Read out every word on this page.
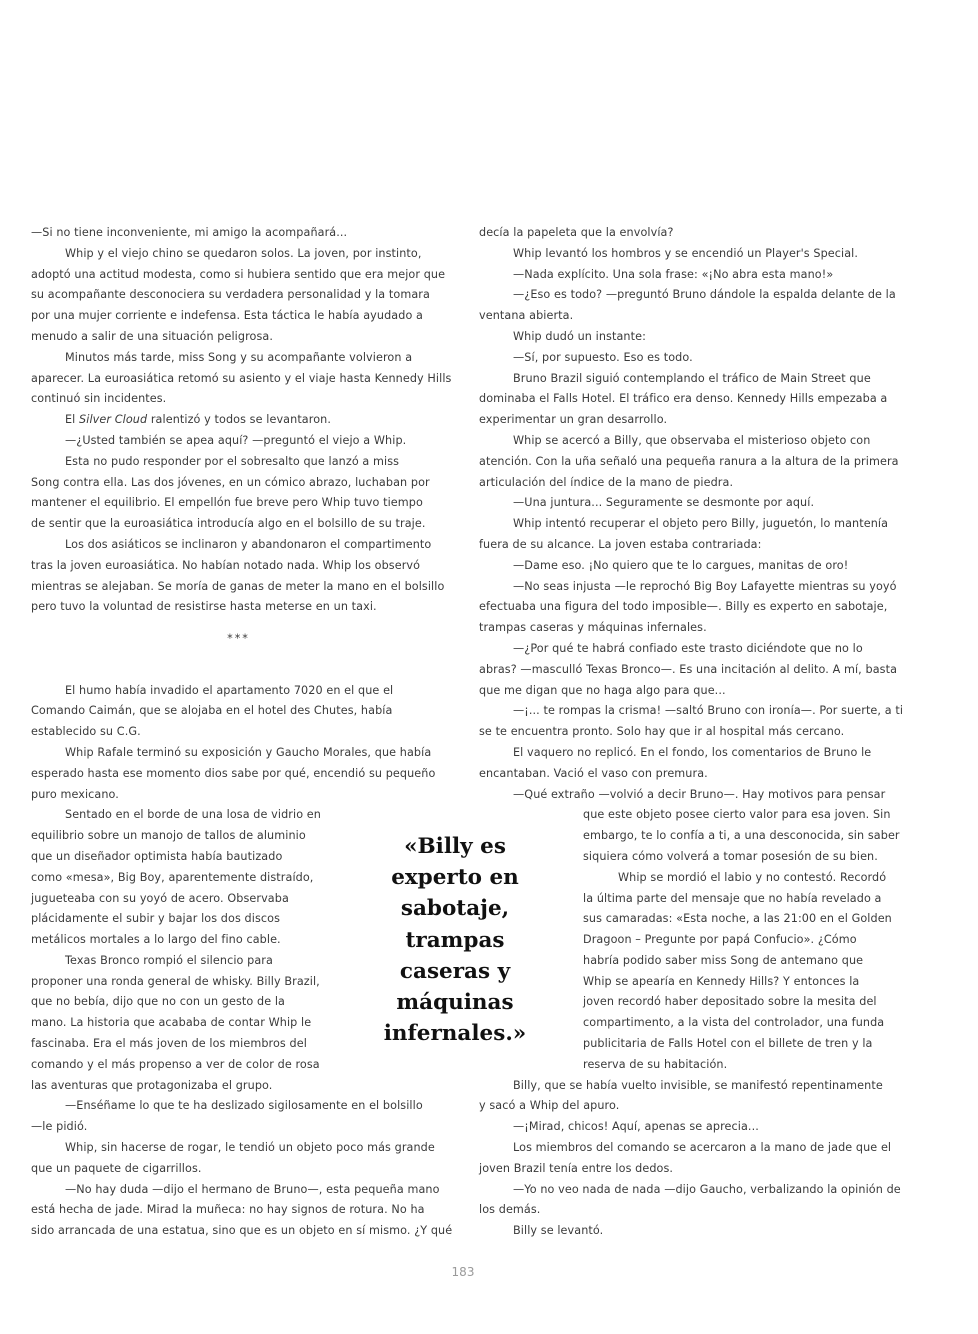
—Si no tiene inconveniente, mi amigo la acompañará...
Whip y el viejo chino se quedaron solos. La joven, por instinto,
adoptó una actitud modesta, como si hubiera sentido que era mejor que
su acompañante desconociera su verdadera personalidad y la tomara
por una mujer corriente e indefensa. Esta táctica le había ayudado a
menudo a salir de una situación peligrosa.
Minutos más tarde, miss Song y su acompañante volvieron a
aparecer. La euroasiática retomó su asiento y el viaje hasta Kennedy Hills
continuó sin incidentes.
El Silver Cloud ralentizó y todos se levantaron.
—¿Usted también se apea aquí? —preguntó el viejo a Whip.
Esta no pudo responder por el sobresalto que lanzó a miss
Song contra ella. Las dos jóvenes, en un cómico abrazo, luchaban por
mantener el equilibrio. El empellón fue breve pero Whip tuvo tiempo
de sentir que la euroasiática introducía algo en el bolsillo de su traje.
Los dos asiáticos se inclinaron y abandonaron el compartimento
tras la joven euroasiática. No habían notado nada. Whip los observó
mientras se alejaban. Se moría de ganas de meter la mano en el bolsillo
pero tuvo la voluntad de resistirse hasta meterse en un taxi.
***
El humo había invadido el apartamento 7020 en el que el
Comando Caimán, que se alojaba en el hotel des Chutes, había
establecido su C.G.
Whip Rafale terminó su exposición y Gaucho Morales, que había
esperado hasta ese momento dios sabe por qué, encendió su pequeño
puro mexicano.
Sentado en el borde de una losa de vidrio en
equilibrio sobre un manojo de tallos de aluminio
que un diseñador optimista había bautizado
como «mesa», Big Boy, aparentemente distraído,
jugueteaba con su yoyó de acero. Observaba
plácidamente el subir y bajar los dos discos
metálicos mortales a lo largo del fino cable.
Texas Bronco rompió el silencio para
proponer una ronda general de whisky. Billy Brazil,
que no bebía, dijo que no con un gesto de la
mano. La historia que acababa de contar Whip le
fascinaba. Era el más joven de los miembros del
comando y el más propenso a ver de color de rosa
las aventuras que protagonizaba el grupo.
—Enséñame lo que te ha deslizado sigilosamente en el bolsillo
—le pidió.
Whip, sin hacerse de rogar, le tendió un objeto poco más grande
que un paquete de cigarrillos.
—No hay duda —dijo el hermano de Bruno—, esta pequeña mano
está hecha de jade. Mirad la muñeca: no hay signos de rotura. No ha
sido arrancada de una estatua, sino que es un objeto en sí mismo. ¿Y qué
decía la papeleta que la envolvía?
Whip levantó los hombros y se encendió un Player's Special.
—Nada explícito. Una sola frase: «¡No abra esta mano!»
—¿Eso es todo? —preguntó Bruno dándole la espalda delante de la
ventana abierta.
Whip dudó un instante:
—Sí, por supuesto. Eso es todo.
Bruno Brazil siguió contemplando el tráfico de Main Street que
dominaba el Falls Hotel. El tráfico era denso. Kennedy Hills empezaba a
experimentar un gran desarrollo.
Whip se acercó a Billy, que observaba el misterioso objeto con
atención. Con la uña señaló una pequeña ranura a la altura de la primera
articulación del índice de la mano de piedra.
—Una juntura... Seguramente se desmonte por aquí.
Whip intentó recuperar el objeto pero Billy, juguetón, lo mantenía
fuera de su alcance. La joven estaba contrariada:
—Dame eso. ¡No quiero que te lo cargues, manitas de oro!
—No seas injusta —le reprochó Big Boy Lafayette mientras su yoyó
efectuaba una figura del todo imposible—. Billy es experto en sabotaje,
trampas caseras y máquinas infernales.
—¿Por qué te habrá confiado este trasto diciéndote que no lo
abras? —masculló Texas Bronco—. Es una incitación al delito. A mí, basta
que me digan que no haga algo para que...
—¡... te rompas la crisma! —saltó Bruno con ironía—. Por suerte, a ti
se te encuentra pronto. Solo hay que ir al hospital más cercano.
El vaquero no replicó. En el fondo, los comentarios de Bruno le
encantaban. Vació el vaso con premura.
—Qué extraño —volvió a decir Bruno—. Hay motivos para pensar
que este objeto posee cierto valor para esa joven. Sin
embargo, te lo confía a ti, a una desconocida, sin saber
siquiera cómo volverá a tomar posesión de su bien.
Whip se mordió el labio y no contestó. Recordó
la última parte del mensaje que no había revelado a
sus camaradas: «Esta noche, a las 21:00 en el Golden
Dragoon – Pregunte por papá Confucio». ¿Cómo
habría podido saber miss Song de antemano que
Whip se apearía en Kennedy Hills? Y entonces la
joven recordó haber depositado sobre la mesita del
compartimento, a la vista del controlador, una funda
publicitaria de Falls Hotel con el billete de tren y la
reserva de su habitación.
Billy, que se había vuelto invisible, se manifestó repentinamente
y sacó a Whip del apuro.
—¡Mirad, chicos! Aquí, apenas se aprecia...
Los miembros del comando se acercaron a la mano de jade que el
joven Brazil tenía entre los dedos.
—Yo no veo nada de nada —dijo Gaucho, verbalizando la opinión de
los demás.
Billy se levantó.
«Billy es experto en sabotaje, trampas caseras y máquinas infernales.»
183
